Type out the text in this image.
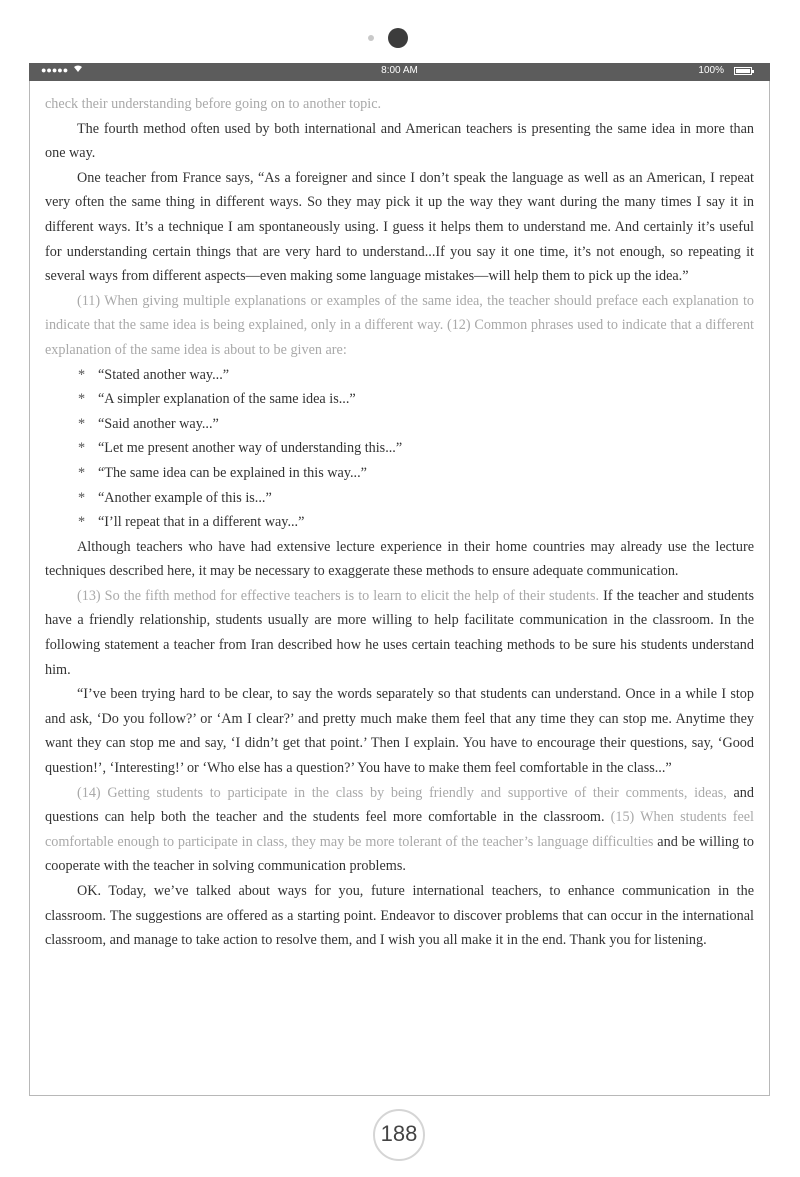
●●●●●	8:00 AM	100%

check their understanding before going on to another topic.

The fourth method often used by both international and American teachers is presenting the same idea in more than one way.

One teacher from France says, “As a foreigner and since I don’t speak the language as well as an American, I repeat very often the same thing in different ways. So they may pick it up the way they want during the many times I say it in different ways. It’s a technique I am spontaneously using. I guess it helps them to understand me. And certainly it’s useful for understanding certain things that are very hard to understand...If you say it one time, it’s not enough, so repeating it several ways from different aspects—even making some language mistakes—will help them to pick up the idea.”

(11) When giving multiple explanations or examples of the same idea, the teacher should preface each explanation to indicate that the same idea is being explained, only in a different way. (12) Common phrases used to indicate that a different explanation of the same idea is about to be given are:

* “Stated another way...”
* “A simpler explanation of the same idea is...”
* “Said another way...”
* “Let me present another way of understanding this...”
* “The same idea can be explained in this way...”
* “Another example of this is...”
* “I’ll repeat that in a different way...”

Although teachers who have had extensive lecture experience in their home countries may already use the lecture techniques described here, it may be necessary to exaggerate these methods to ensure adequate communication.

(13) So the fifth method for effective teachers is to learn to elicit the help of their students. If the teacher and students have a friendly relationship, students usually are more willing to help facilitate communication in the classroom. In the following statement a teacher from Iran described how he uses certain teaching methods to be sure his students understand him.

“I’ve been trying hard to be clear, to say the words separately so that students can understand. Once in a while I stop and ask, ‘Do you follow?’ or ‘Am I clear?’ and pretty much make them feel that any time they can stop me. Anytime they want they can stop me and say, ‘I didn’t get that point.’ Then I explain. You have to encourage their questions, say, ‘Good question!’, ‘Interesting!’ or ‘Who else has a question?’ You have to make them feel comfortable in the class...”

(14) Getting students to participate in the class by being friendly and supportive of their comments, ideas, and questions can help both the teacher and the students feel more comfortable in the classroom. (15) When students feel comfortable enough to participate in class, they may be more tolerant of the teacher’s language difficulties and be willing to cooperate with the teacher in solving communication problems.

OK. Today, we’ve talked about ways for you, future international teachers, to enhance communication in the classroom. The suggestions are offered as a starting point. Endeavor to discover problems that can occur in the international classroom, and manage to take action to resolve them, and I wish you all make it in the end. Thank you for listening.

188
